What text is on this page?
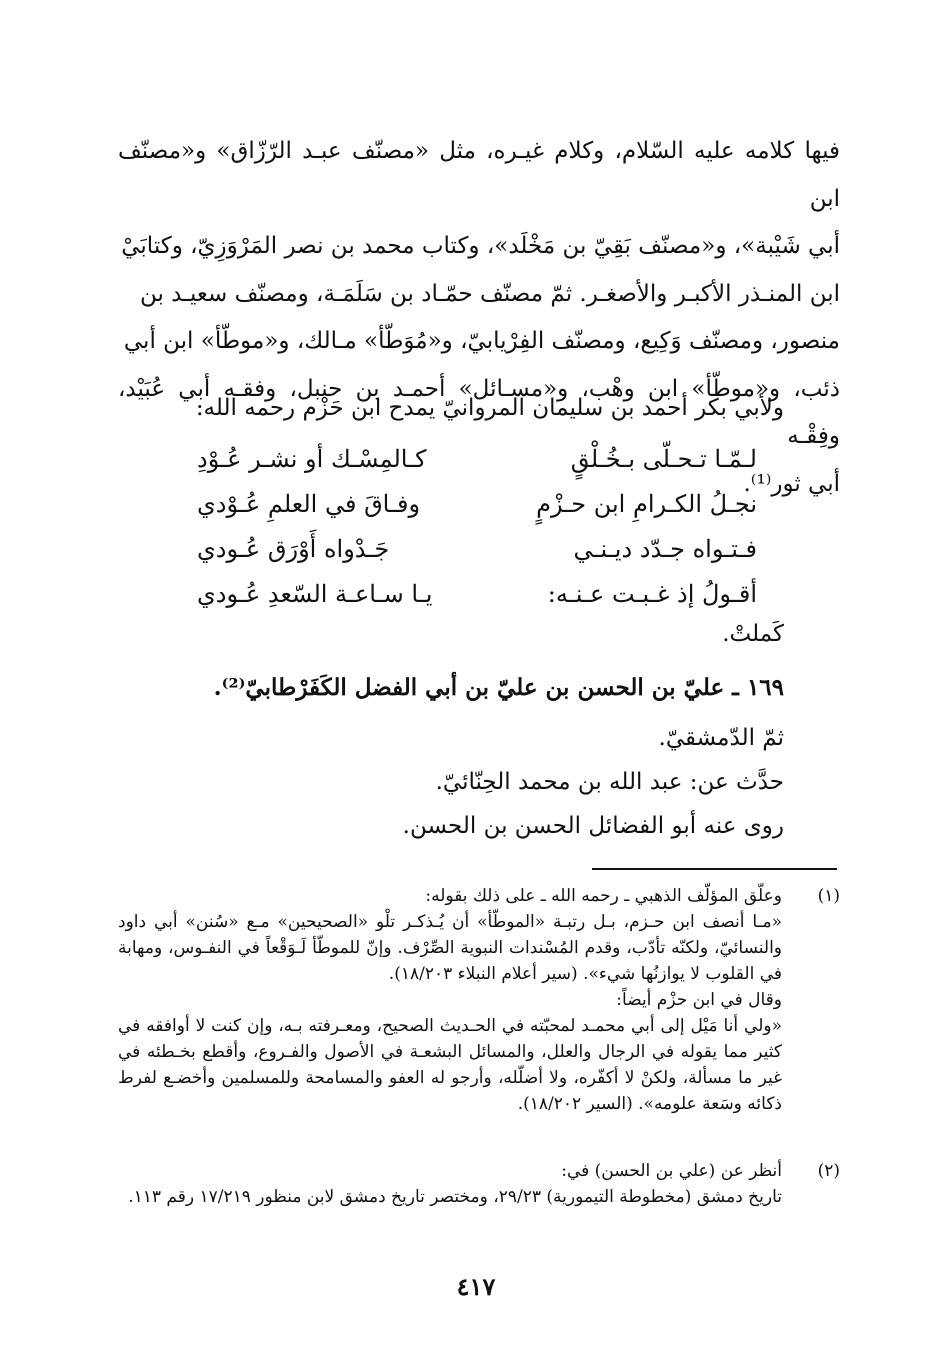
فيها كلامه عليه السّلام، وكلام غيـره، مثل «مصنّف عبـد الرّزّاق» و«مصنّف ابن

أبي شَيْبة»، و«مصنّف بَقِيّ بن مَخْلَد»، وكتاب محمد بن نصر المَرْوَزِيّ، وكتابَيْ

ابن المنـذر الأكبـر والأصغـر. ثمّ مصنّف حمّـاد بن سَلَمَـة، ومصنّف سعيـد بن

منصور، ومصنّف وَكِيع، ومصنّف الفِرْيابيّ، و«مُوَطّأ» مـالك، و«موطّأ» ابن أبي

ذئب، و«موطّأ» ابن وهْب، و«مسـائل» أحمـد بن حنبل، وفقـه أبي عُبَيْد، وفِقْـه

أبي ثور⁽¹⁾.

ولأبي بكر أحمد بن سليمان المروانيّ يمدح ابن حَزْم رحمه الله:
لـمّـا تـحـلّى بـخُـلْقٍ
كـالمِسْـك أو نشـر عُـوْدِ
نجـلُ الكـرامِ ابن حـزْمٍ
وفـاقَ في العلمِ عُـوْدي
فـتـواه جـدّد ديـنـي
جَـدْواه أَوْرَق عُـودي
أقـولُ إذ غـبـت عـنـه:
يـا سـاعـة السّعدِ عُـودي
كَملتْ.
١٦٩ ـ عليّ بن الحسن بن عليّ بن أبي الفضل الكَفَرْطابيّ⁽²⁾.
ثمّ الدّمشقيّ.
حدَّث عن: عبد الله بن محمد الحِنّائيّ.
روى عنه أبو الفضائل الحسن بن الحسن.
(١)
وعلّق المؤلّف الذهبي ـ رحمه الله ـ على ذلك بقوله:
«مـا أنصف ابن حـزم، بـل رتبـة «الموطّأ» أن يُـذكـر تلْو «الصحيحين» مـع «سُنن» أبي داود والنسائيّ، ولكنّه تأدّب، وقدم المُسْندات النبوية الصِّرْف. وإنّ للموطّأ لَـوَقْعاً في النفـوس، ومهابة في القلوب لا يوازنُها شيء». (سير أعلام النبلاء ١٨/٢٠٣).
وقال في ابن حزْم أيضاً:
«ولي أنا مَيْل إلى أبي محمـد لمحبّته في الحـديث الصحيح، ومعـرفته بـه، وإن كنت لا أوافقه في كثير مما يقوله في الرجال والعلل، والمسائل البشعـة في الأصول والفـروع، وأقطع بخـطئه في غير ما مسألة، ولكنْ لا أكفّره، ولا أضلّله، وأرجو له العفو والمسامحة وللمسلمين وأخضـع لفرط ذكائه وسَعة علومه». (السير ١٨/٢٠٢).
(٢)
أنظر عن (علي بن الحسن) في:
تاريخ دمشق (مخطوطة التيمورية) ٢٩/٢٣، ومختصر تاريخ دمشق لابن منظور ١٧/٢١٩ رقم ١١٣.
٤١٧
